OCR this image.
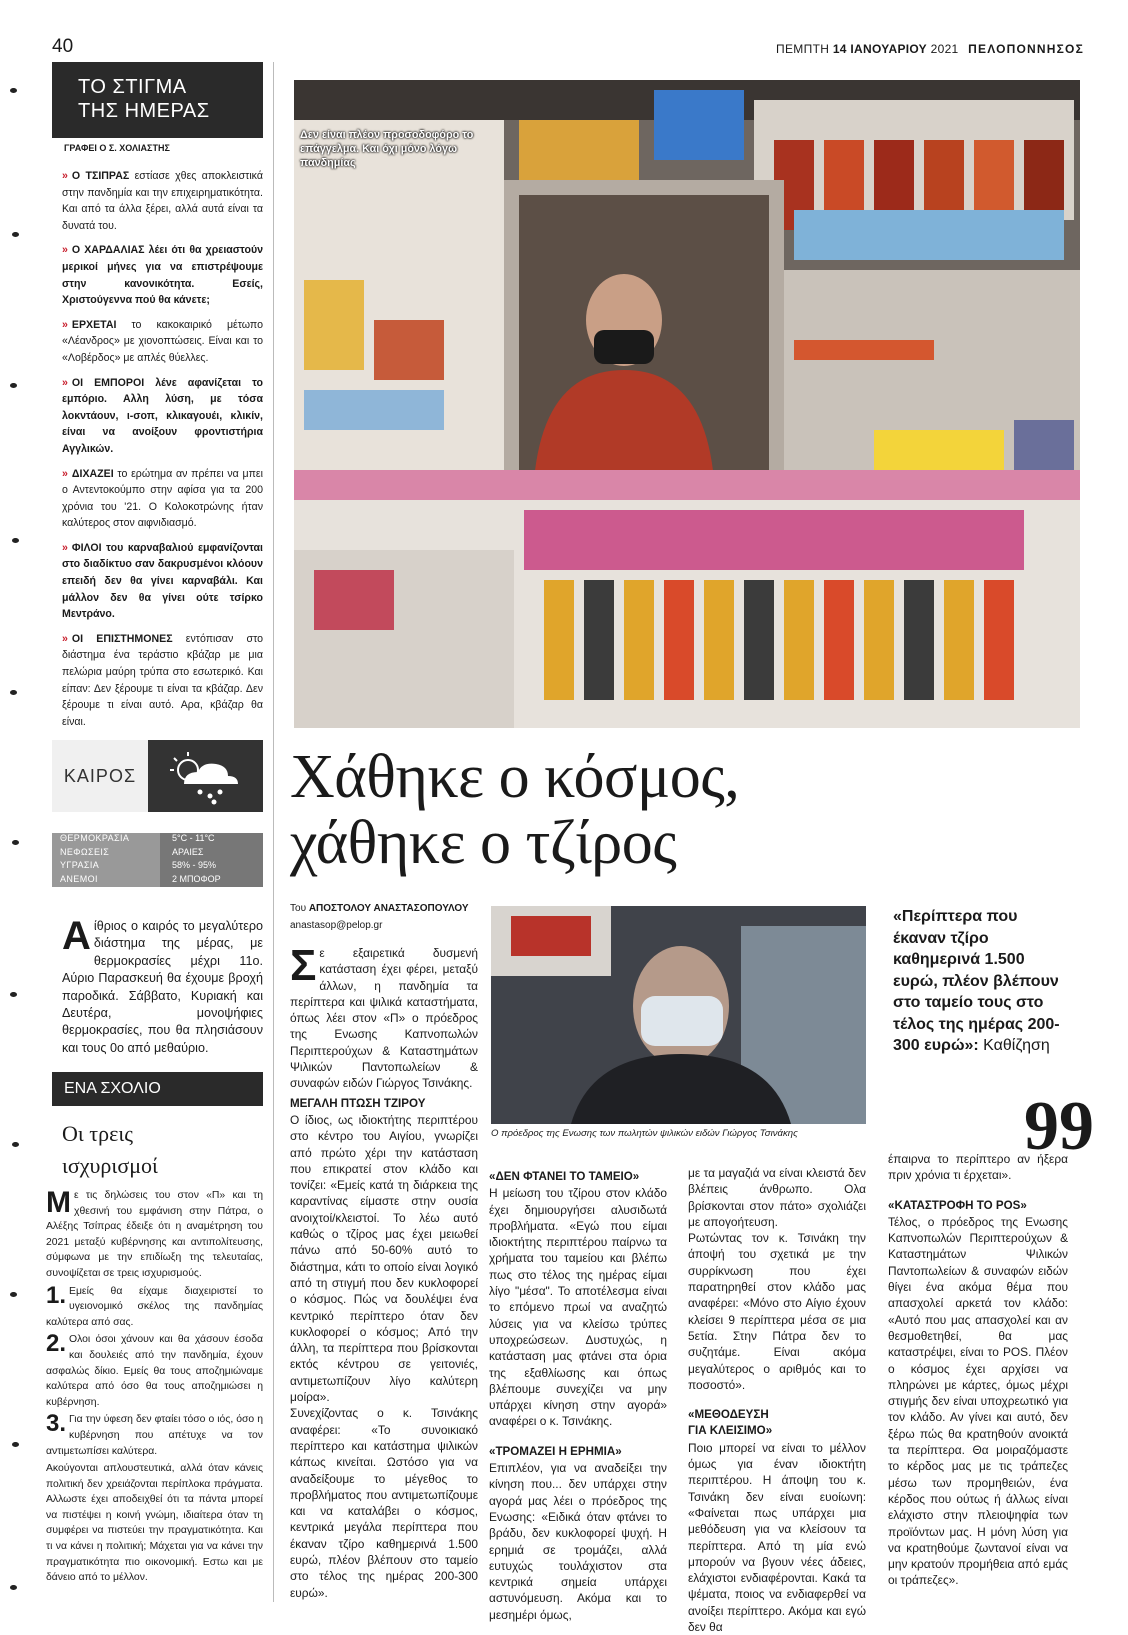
40	ΠΕΜΠΤΗ 14 ΙΑΝΟΥΑΡΙΟΥ 2021 ΠΕΛΟΠΟΝΝΗΣΟΣ
ΤΟ ΣΤΙΓΜΑ
ΤΗΣ ΗΜΕΡΑΣ
ΓΡΑΦΕΙ Ο Σ. ΧΟΛΙΑΣΤΗΣ
» Ο ΤΣΙΠΡΑΣ εστίασε χθες αποκλειστικά στην πανδημία και την επιχειρηματικότητα. Και από τα άλλα ξέρει, αλλά αυτά είναι τα δυνατά του.
» Ο ΧΑΡΔΑΛΙΑΣ λέει ότι θα χρειαστούν μερικοί μήνες για να επιστρέψουμε στην κανονικότητα. Εσείς, Χριστούγεννα πού θα κάνετε;
» ΕΡΧΕΤΑΙ το κακοκαιρικό μέτωπο «Λέανδρος» με χιονοπτώσεις. Είναι και το «Λοβέρδος» με απλές θύελλες.
» ΟΙ ΕΜΠΟΡΟΙ λένε αφανίζεται το εμπόριο. Αλλη λύση, με τόσα λοκντάουν, ι-σοπ, κλικαγουέι, κλικίν, είναι να ανοίξουν φροντιστήρια Αγγλικών.
» ΔΙΧΑΖΕΙ το ερώτημα αν πρέπει να μπει ο Αντεντοκούμπο στην αφίσα για τα 200 χρόνια του '21. Ο Κολοκοτρώνης ήταν καλύτερος στον αιφνιδιασμό.
» ΦΙΛΟΙ του καρναβαλιού εμφανίζονται στο διαδίκτυο σαν δακρυσμένοι κλόουν επειδή δεν θα γίνει καρναβάλι. Και μάλλον δεν θα γίνει ούτε τσίρκο Μεντράνο.
» ΟΙ ΕΠΙΣΤΗΜΟΝΕΣ εντόπισαν στο διάστημα ένα τεράστιο κβάζαρ με μια πελώρια μαύρη τρύπα στο εσωτερικό. Και είπαν: Δεν ξέρουμε τι είναι τα κβάζαρ. Δεν ξέρουμε τι είναι αυτό. Αρα, κβάζαρ θα είναι.
ΚΑΙΡΟΣ
ΘΕΡΜΟΚΡΑΣΙΑ	5°C - 11°C
ΝΕΦΩΣΕΙΣ	ΑΡΑΙΕΣ
ΥΓΡΑΣΙΑ	58% - 95%
ΑΝΕΜΟΙ	2 ΜΠΟΦΟΡ
Αίθριος ο καιρός το μεγαλύτερο διάστημα της μέρας, με θερμοκρασίες μέχρι 11ο. Αύριο Παρασκευή θα έχουμε βροχή παροδικά. Σάββατο, Κυριακή και Δευτέρα, μονοψήφιες θερμοκρασίες, που θα πλησιάσουν και τους 0ο από μεθαύριο.
ΕΝΑ ΣΧΟΛΙΟ
Οι τρεις
ισχυρισμοί

Με τις δηλώσεις του στον «Π» και τη χθεσινή του εμφάνιση στην Πάτρα, ο Αλέξης Τσίπρας έδειξε ότι η αναμέτρηση του 2021 μεταξύ κυβέρνησης και αντιπολίτευσης, σύμφωνα με την επιδίωξη της τελευταίας, συνοψίζεται σε τρεις ισχυρισμούς.

1. Εμείς θα είχαμε διαχειριστεί το υγειονομικό σκέλος της πανδημίας καλύτερα από σας.

2. Ολοι όσοι χάνουν και θα χάσουν έσοδα και δουλειές από την πανδημία, έχουν ασφαλώς δίκιο. Εμείς θα τους αποζημιώναμε καλύτερα από όσο θα τους αποζημιώσει η κυβέρνηση.

3. Για την ύφεση δεν φταίει τόσο ο ιός, όσο η κυβέρνηση που απέτυχε να τον αντιμετωπίσει καλύτερα.

Ακούγονται απλουστευτικά, αλλά όταν κάνεις πολιτική δεν χρειάζονται περίπλοκα πράγματα. Αλλωστε έχει αποδειχθεί ότι τα πάντα μπορεί να πιστέψει η κοινή γνώμη, ιδιαίτερα όταν τη συμφέρει να πιστεύει την πραγματικότητα. Και τι να κάνει η πολιτική; Μάχεται για να κάνει την πραγματικότητα πιο οικονομική. Εστω και με δάνειο από το μέλλον.

Δεν είναι πλέον προσοδοφόρο το επάγγελμα. Και όχι μόνο λόγω πανδημίας
Χάθηκε ο κόσμος,
χάθηκε ο τζίρος
Του ΑΠΟΣΤΟΛΟΥ ΑΝΑΣΤΑΣΟΠΟΥΛΟΥ
anastasop@pelop.gr

Σε εξαιρετικά δυσμενή κατάσταση έχει φέρει, μεταξύ άλλων, η πανδημία τα περίπτερα και ψιλικά καταστήματα, όπως λέει στον «Π» ο πρόεδρος της Ενωσης Καπνοπωλών Περιπτερούχων & Καταστημάτων Ψιλικών Παντοπωλείων & συναφών ειδών Γιώργος Τσινάκης.

ΜΕΓΑΛΗ ΠΤΩΣΗ ΤΖΙΡΟΥ

Ο ίδιος, ως ιδιοκτήτης περιπτέρου στο κέντρο του Αιγίου, γνωρίζει από πρώτο χέρι την κατάσταση που επικρατεί στον κλάδο και τονίζει: «Εμείς κατά τη διάρκεια της καραντίνας είμαστε στην ουσία ανοιχτοί/κλειστοί. Το λέω αυτό καθώς ο τζίρος μας έχει μειωθεί πάνω από 50-60% αυτό το διάστημα, κάτι το οποίο είναι λογικό από τη στιγμή που δεν κυκλοφορεί ο κόσμος. Πώς να δουλέψει ένα κεντρικό περίπτερο όταν δεν κυκλοφορεί ο κόσμος; Από την άλλη, τα περίπτερα που βρίσκονται εκτός κέντρου σε γειτονιές, αντιμετωπίζουν λίγο καλύτερη μοίρα».

Συνεχίζοντας ο κ. Τσινάκης αναφέρει: «Το συνοικιακό περίπτερο και κατάστημα ψιλικών κάπως κινείται. Ωστόσο για να αναδείξουμε το μέγεθος το προβλήματος που αντιμετωπίζουμε και να καταλάβει ο κόσμος, κεντρικά μεγάλα περίπτερα που έκαναν τζίρο καθημερινά 1.500 ευρώ, πλέον βλέπουν στο ταμείο στο τέλος της ημέρας 200-300 ευρώ».

Ο πρόεδρος της Ενωσης των πωλητών ψιλικών ειδών Γιώργος Τσινάκης
«ΔΕΝ ΦΤΑΝΕΙ ΤΟ ΤΑΜΕΙΟ»

Η μείωση του τζίρου στον κλάδο έχει δημιουργήσει αλυσιδωτά προβλήματα. «Εγώ που είμαι ιδιοκτήτης περιπτέρου παίρνω τα χρήματα του ταμείου και βλέπω πως στο τέλος της ημέρας είμαι λίγο "μέσα". Το αποτέλεσμα είναι το επόμενο πρωί να αναζητώ λύσεις για να κλείσω τρύπες υποχρεώσεων. Δυστυχώς, η κατάσταση μας φτάνει στα όρια της εξαθλίωσης και όπως βλέπουμε συνεχίζει να μην υπάρχει κίνηση στην αγορά» αναφέρει ο κ. Τσινάκης.

«ΤΡΟΜΑΖΕΙ Η ΕΡΗΜΙΑ»

Επιπλέον, για να αναδείξει την κίνηση που... δεν υπάρχει στην αγορά μας λέει ο πρόεδρος της Ενωσης: «Ειδικά όταν φτάνει το βράδυ, δεν κυκλοφορεί ψυχή. Η ερημιά σε τρομάζει, αλλά ευτυχώς τουλάχιστον στα κεντρικά σημεία υπάρχει αστυνόμευση. Ακόμα και το μεσημέρι όμως,

με τα μαγαζιά να είναι κλειστά δεν βλέπεις άνθρωπο. Ολα βρίσκονται στον πάτο» σχολιάζει με απογοήτευση.

Ρωτώντας τον κ. Τσινάκη την άποψή του σχετικά με την συρρίκνωση που έχει παρατηρηθεί στον κλάδο μας αναφέρει: «Μόνο στο Αίγιο έχουν κλείσει 9 περίπτερα μέσα σε μια 5ετία. Στην Πάτρα δεν το συζητάμε. Είναι ακόμα μεγαλύτερος ο αριθμός και το ποσοστό».

«ΜΕΘΟΔΕΥΣΗ
ΓΙΑ ΚΛΕΙΣΙΜΟ»

Ποιο μπορεί να είναι το μέλλον όμως για έναν ιδιοκτήτη περιπτέρου. Η άποψη του κ. Τσινάκη δεν είναι ευοίωνη: «Φαίνεται πως υπάρχει μια μεθόδευση για να κλείσουν τα περίπτερα. Από τη μία ενώ μπορούν να βγουν νέες άδειες, ελάχιστοι ενδιαφέρονται. Κακά τα ψέματα, ποιος να ενδιαφερθεί να ανοίξει περίπτερο. Ακόμα και εγώ δεν θα

«Περίπτερα που έκαναν τζίρο καθημερινά 1.500 ευρώ, πλέον βλέπουν στο ταμείο τους στο τέλος της ημέρας 200-300 ευρώ»: Καθίζηση
99

έπαιρνα το περίπτερο αν ήξερα πριν χρόνια τι έρχεται».

«ΚΑΤΑΣΤΡΟΦΗ ΤΟ POS»

Τέλος, ο πρόεδρος της Ενωσης Καπνοπωλών Περιπτερούχων & Καταστημάτων Ψιλικών Παντοπωλείων & συναφών ειδών θίγει ένα ακόμα θέμα που απασχολεί αρκετά τον κλάδο: «Αυτό που μας απασχολεί και αν θεσμοθετηθεί, θα μας καταστρέψει, είναι το POS. Πλέον ο κόσμος έχει αρχίσει να πληρώνει με κάρτες, όμως μέχρι στιγμής δεν είναι υποχρεωτικό για τον κλάδο. Αν γίνει και αυτό, δεν ξέρω πώς θα κρατηθούν ανοικτά τα περίπτερα. Θα μοιραζόμαστε το κέρδος μας με τις τράπεζες μέσω των προμηθειών, ένα κέρδος που ούτως ή άλλως είναι ελάχιστο στην πλειοψηφία των προϊόντων μας. Η μόνη λύση για να κρατηθούμε ζωντανοί είναι να μην κρατούν προμήθεια από εμάς οι τράπεζες».
